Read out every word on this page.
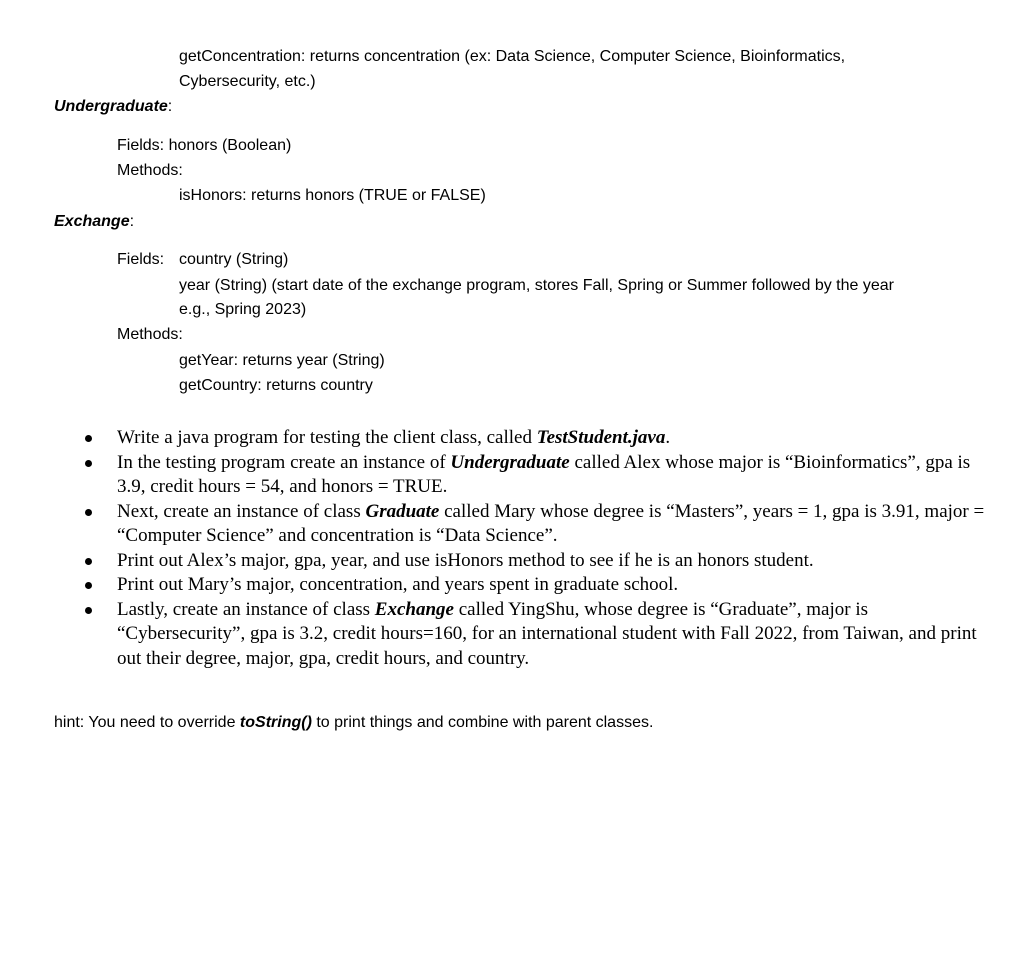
getConcentration: returns concentration (ex: Data Science, Computer Science, Bioinformatics,
Cybersecurity, etc.)
Undergraduate:
Fields: honors (Boolean)
Methods:
isHonors: returns honors (TRUE or FALSE)
Exchange:
Fields: country (String)
year (String) (start date of the exchange program, stores Fall, Spring or Summer followed by the year
e.g., Spring 2023)
Methods:
getYear: returns year (String)
getCountry: returns country
Write a java program for testing the client class, called TestStudent.java.
In the testing program create an instance of Undergraduate called Alex whose major is “Bioinformatics”, gpa is 3.9, credit hours = 54, and honors = TRUE.
Next, create an instance of class Graduate called Mary whose degree is “Masters”, years = 1, gpa is 3.91, major = “Computer Science” and concentration is “Data Science”.
Print out Alex’s major, gpa, year, and use isHonors method to see if he is an honors student.
Print out Mary’s major, concentration, and years spent in graduate school.
Lastly, create an instance of class Exchange called YingShu, whose degree is “Graduate”, major is “Cybersecurity”, gpa is 3.2, credit hours=160, for an international student with Fall 2022, from Taiwan, and print out their degree, major, gpa, credit hours, and country.
hint: You need to override toString() to print things and combine with parent classes.
